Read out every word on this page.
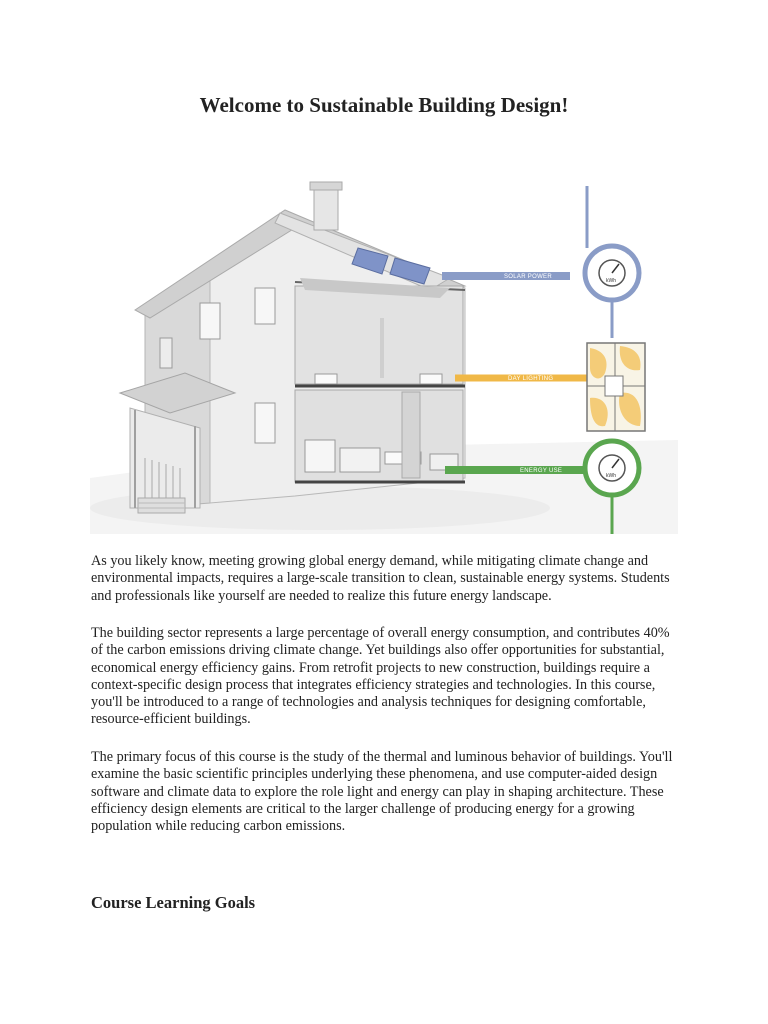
Welcome to Sustainable Building Design!
SOLAR POWER
kWh
DAY LIGHTING
ENERGY USE
kWh

As you likely know, meeting growing global energy demand, while mitigating climate change and environmental impacts, requires a large-scale transition to clean, sustainable energy systems. Students and professionals like yourself are needed to realize this future energy landscape.

The building sector represents a large percentage of overall energy consumption, and contributes 40% of the carbon emissions driving climate change. Yet buildings also offer opportunities for substantial, economical energy efficiency gains. From retrofit projects to new construction, buildings require a context-specific design process that integrates efficiency strategies and technologies. In this course, you'll be introduced to a range of technologies and analysis techniques for designing comfortable, resource-efficient buildings.

The primary focus of this course is the study of the thermal and luminous behavior of buildings. You'll examine the basic scientific principles underlying these phenomena, and use computer-aided design software and climate data to explore the role light and energy can play in shaping architecture. These efficiency design elements are critical to the larger challenge of producing energy for a growing population while reducing carbon emissions.

Course Learning Goals
